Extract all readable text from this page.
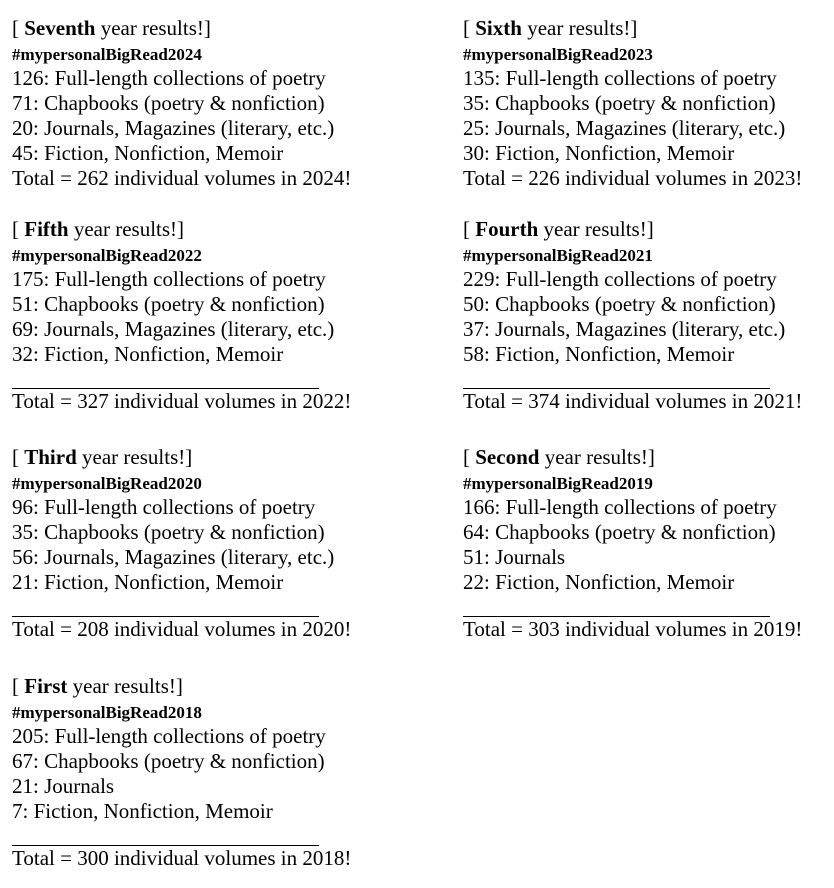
[ Seventh year results!]
#mypersonalBigRead2024
126: Full-length collections of poetry
71: Chapbooks (poetry & nonfiction)
20: Journals, Magazines (literary, etc.)
45: Fiction, Nonfiction, Memoir
Total = 262 individual volumes in 2024!
[ Sixth year results!]
#mypersonalBigRead2023
135: Full-length collections of poetry
35: Chapbooks (poetry & nonfiction)
25: Journals, Magazines (literary, etc.)
30: Fiction, Nonfiction, Memoir
Total = 226 individual volumes in 2023!
[ Fifth year results!]
#mypersonalBigRead2022
175: Full-length collections of poetry
51: Chapbooks (poetry & nonfiction)
69: Journals, Magazines (literary, etc.)
32: Fiction, Nonfiction, Memoir
Total = 327 individual volumes in 2022!
[ Fourth year results!]
#mypersonalBigRead2021
229: Full-length collections of poetry
50: Chapbooks (poetry & nonfiction)
37: Journals, Magazines (literary, etc.)
58: Fiction, Nonfiction, Memoir
Total = 374 individual volumes in 2021!
[ Third year results!]
#mypersonalBigRead2020
96: Full-length collections of poetry
35: Chapbooks (poetry & nonfiction)
56: Journals, Magazines (literary, etc.)
21: Fiction, Nonfiction, Memoir
Total = 208 individual volumes in 2020!
[ Second year results!]
#mypersonalBigRead2019
166: Full-length collections of poetry
64: Chapbooks (poetry & nonfiction)
51: Journals
22: Fiction, Nonfiction, Memoir
Total = 303 individual volumes in 2019!
[ First year results!]
#mypersonalBigRead2018
205: Full-length collections of poetry
67: Chapbooks (poetry & nonfiction)
21: Journals
7: Fiction, Nonfiction, Memoir
Total = 300 individual volumes in 2018!
